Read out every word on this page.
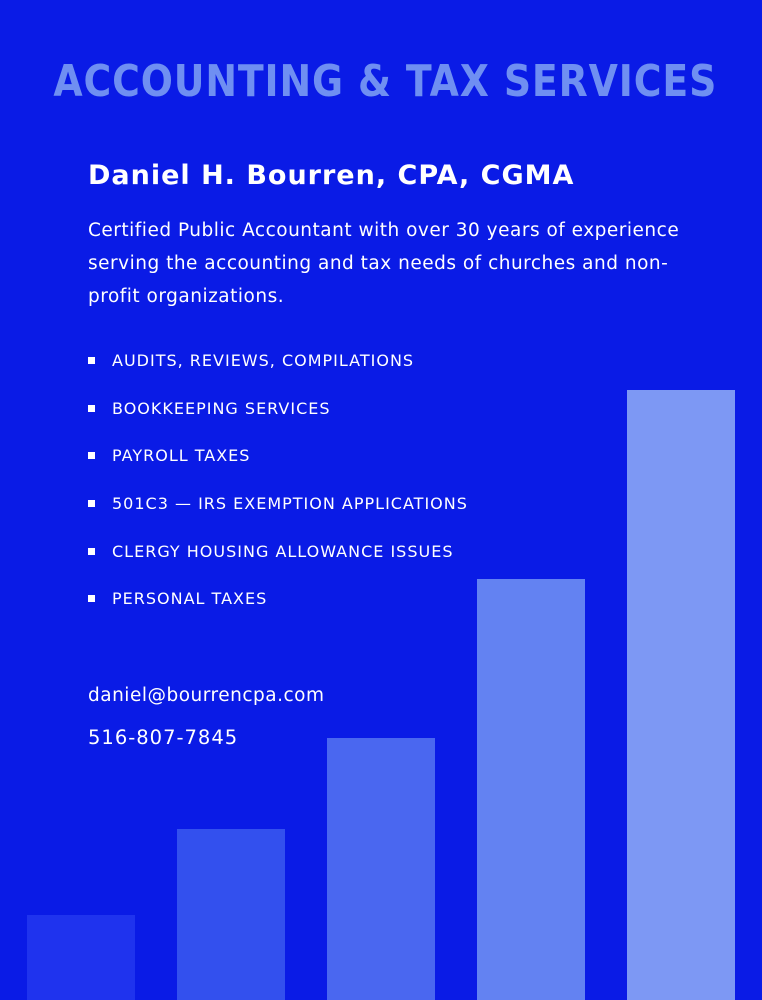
ACCOUNTING & TAX SERVICES
Daniel H. Bourren, CPA, CGMA

Certified Public Accountant with over 30 years of experience serving the accounting and tax needs of churches and non-profit organizations.

AUDITS, REVIEWS, COMPILATIONS
BOOKKEEPING SERVICES
PAYROLL TAXES
501C3 — IRS EXEMPTION APPLICATIONS
CLERGY HOUSING ALLOWANCE ISSUES
PERSONAL TAXES

daniel@bourrencpa.com

516-807-7845
